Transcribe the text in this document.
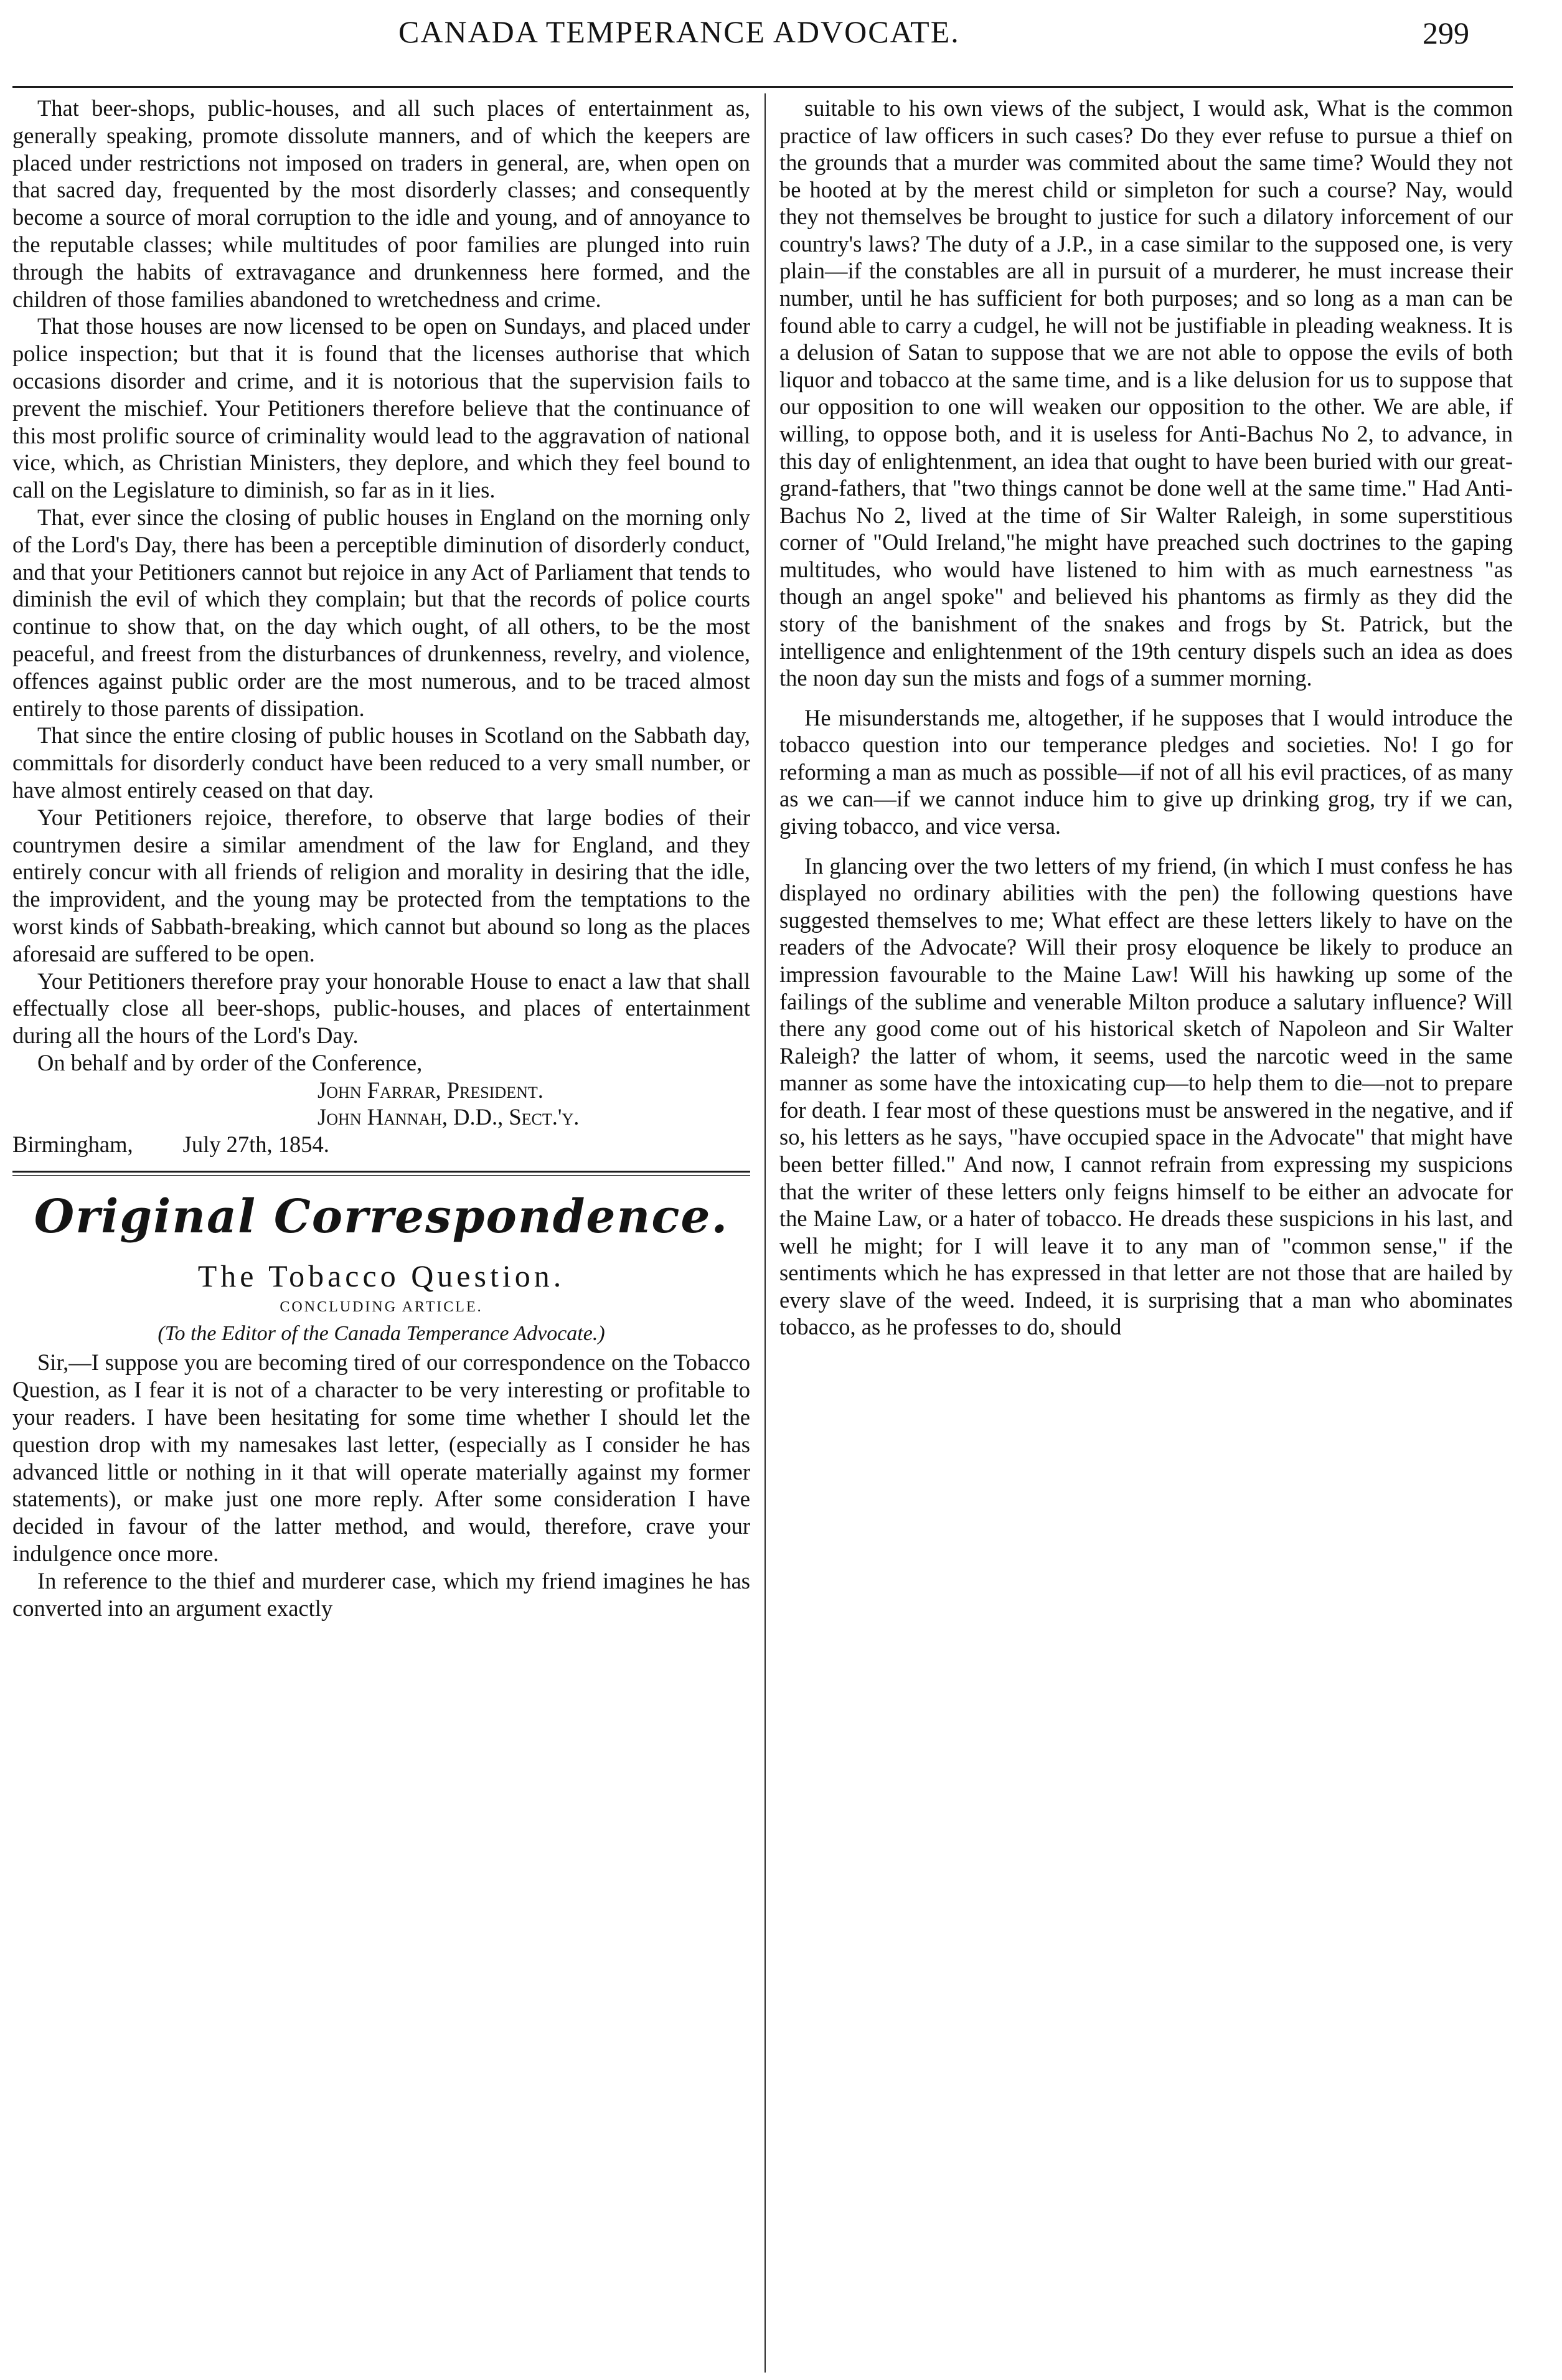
CANADA TEMPERANCE ADVOCATE.	299

That beer-shops, public-houses, and all such places of entertainment as, generally speaking, promote dissolute manners, and of which the keepers are placed under restrictions not imposed on traders in general, are, when open on that sacred day, frequented by the most disorderly classes; and consequently become a source of moral corruption to the idle and young, and of annoyance to the reputable classes; while multitudes of poor families are plunged into ruin through the habits of extravagance and drunkenness here formed, and the children of those families abandoned to wretchedness and crime.

That those houses are now licensed to be open on Sundays, and placed under police inspection; but that it is found that the licenses authorise that which occasions disorder and crime, and it is notorious that the supervision fails to prevent the mischief. Your Petitioners therefore believe that the continuance of this most prolific source of criminality would lead to the aggravation of national vice, which, as Christian Ministers, they deplore, and which they feel bound to call on the Legislature to diminish, so far as in it lies.

That, ever since the closing of public houses in England on the morning only of the Lord's Day, there has been a perceptible diminution of disorderly conduct, and that your Petitioners cannot but rejoice in any Act of Parliament that tends to diminish the evil of which they complain; but that the records of police courts continue to show that, on the day which ought, of all others, to be the most peaceful, and freest from the disturbances of drunkenness, revelry, and violence, offences against public order are the most numerous, and to be traced almost entirely to those parents of dissipation.

That since the entire closing of public houses in Scotland on the Sabbath day, committals for disorderly conduct have been reduced to a very small number, or have almost entirely ceased on that day.

Your Petitioners rejoice, therefore, to observe that large bodies of their countrymen desire a similar amendment of the law for England, and they entirely concur with all friends of religion and morality in desiring that the idle, the improvident, and the young may be protected from the temptations to the worst kinds of Sabbath-breaking, which cannot but abound so long as the places aforesaid are suffered to be open.

Your Petitioners therefore pray your honorable House to enact a law that shall effectually close all beer-shops, public-houses, and places of entertainment during all the hours of the Lord's Day.

On behalf and by order of the Conference,
John Farrar, President.
John Hannah, D.D., Sect.'y.
Birmingham, July 27th, 1854.
Original Correspondence.
The Tobacco Question.
CONCLUDING ARTICLE.
(To the Editor of the Canada Temperance Advocate.)

Sir,—I suppose you are becoming tired of our correspondence on the Tobacco Question, as I fear it is not of a character to be very interesting or profitable to your readers. I have been hesitating for some time whether I should let the question drop with my namesakes last letter, (especially as I consider he has advanced little or nothing in it that will operate materially against my former statements), or make just one more reply. After some consideration I have decided in favour of the latter method, and would, therefore, crave your indulgence once more.

In reference to the thief and murderer case, which my friend imagines he has converted into an argument exactly

suitable to his own views of the subject, I would ask, What is the common practice of law officers in such cases? Do they ever refuse to pursue a thief on the grounds that a murder was commited about the same time? Would they not be hooted at by the merest child or simpleton for such a course? Nay, would they not themselves be brought to justice for such a dilatory inforcement of our country's laws? The duty of a J.P., in a case similar to the supposed one, is very plain—if the constables are all in pursuit of a murderer, he must increase their number, until he has sufficient for both purposes; and so long as a man can be found able to carry a cudgel, he will not be justifiable in pleading weakness. It is a delusion of Satan to suppose that we are not able to oppose the evils of both liquor and tobacco at the same time, and is a like delusion for us to suppose that our opposition to one will weaken our opposition to the other. We are able, if willing, to oppose both, and it is useless for Anti-Bachus No 2, to advance, in this day of enlightenment, an idea that ought to have been buried with our great-grand-fathers, that "two things cannot be done well at the same time." Had Anti-Bachus No 2, lived at the time of Sir Walter Raleigh, in some superstitious corner of "Ould Ireland,"he might have preached such doctrines to the gaping multitudes, who would have listened to him with as much earnestness "as though an angel spoke" and believed his phantoms as firmly as they did the story of the banishment of the snakes and frogs by St. Patrick, but the intelligence and enlightenment of the 19th century dispels such an idea as does the noon day sun the mists and fogs of a summer morning.

He misunderstands me, altogether, if he supposes that I would introduce the tobacco question into our temperance pledges and societies. No! I go for reforming a man as much as possible—if not of all his evil practices, of as many as we can—if we cannot induce him to give up drinking grog, try if we can, giving tobacco, and vice versa.

In glancing over the two letters of my friend, (in which I must confess he has displayed no ordinary abilities with the pen) the following questions have suggested themselves to me; What effect are these letters likely to have on the readers of the Advocate? Will their prosy eloquence be likely to produce an impression favourable to the Maine Law! Will his hawking up some of the failings of the sublime and venerable Milton produce a salutary influence? Will there any good come out of his historical sketch of Napoleon and Sir Walter Raleigh? the latter of whom, it seems, used the narcotic weed in the same manner as some have the intoxicating cup—to help them to die—not to prepare for death. I fear most of these questions must be answered in the negative, and if so, his letters as he says, "have occupied space in the Advocate" that might have been better filled." And now, I cannot refrain from expressing my suspicions that the writer of these letters only feigns himself to be either an advocate for the Maine Law, or a hater of tobacco. He dreads these suspicions in his last, and well he might; for I will leave it to any man of "common sense," if the sentiments which he has expressed in that letter are not those that are hailed by every slave of the weed. Indeed, it is surprising that a man who abominates tobacco, as he professes to do, should
